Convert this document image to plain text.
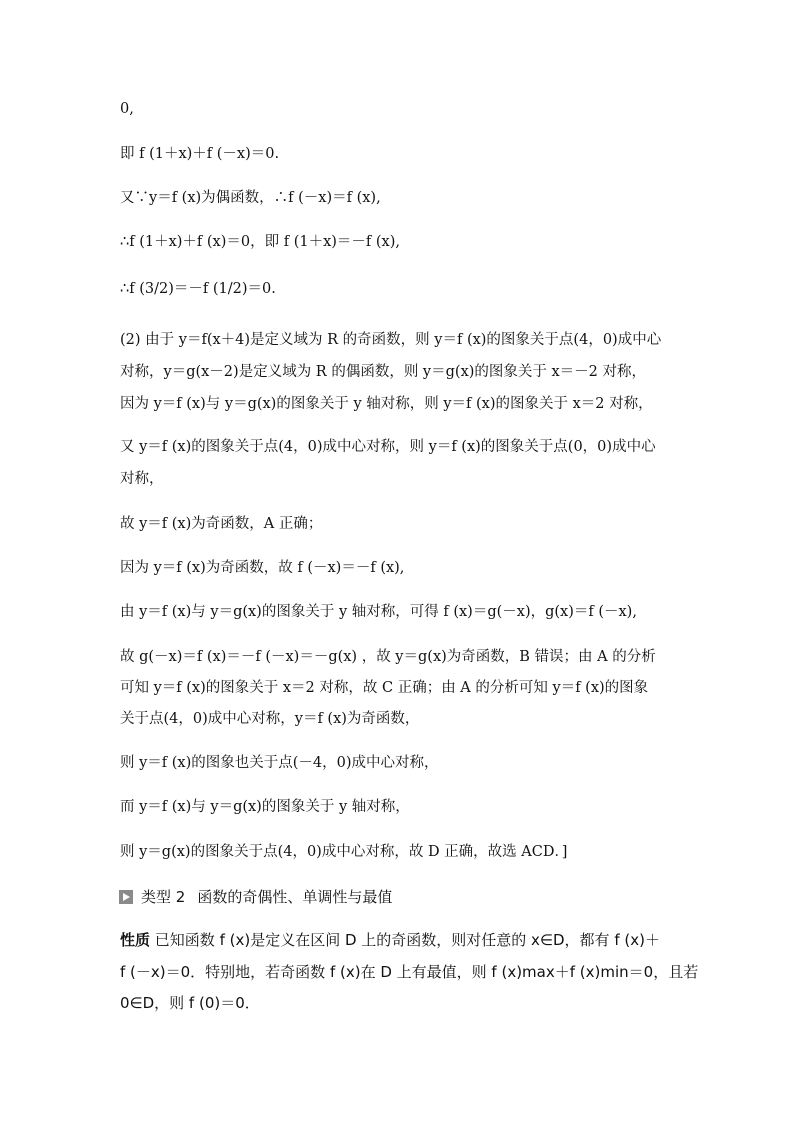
0,
即 f (1＋x)＋f (－x)＝0.
又∵y＝f (x)为偶函数，∴f (－x)＝f (x),
∴f (1＋x)＋f (x)＝0，即 f (1＋x)＝－f (x),
∴f (3/2)＝－f (1/2)＝0.
(2) 由于 y＝f(x＋4)是定义域为 R 的奇函数，则 y＝f (x)的图象关于点(4，0)成中心
对称，y＝g(x－2)是定义域为 R 的偶函数，则 y＝g(x)的图象关于 x＝－2 对称，
因为 y＝f (x)与 y＝g(x)的图象关于 y 轴对称，则 y＝f (x)的图象关于 x＝2 对称，
又 y＝f (x)的图象关于点(4，0)成中心对称，则 y＝f (x)的图象关于点(0，0)成中心
对称，
故 y＝f (x)为奇函数，A 正确；
因为 y＝f (x)为奇函数，故 f (－x)＝－f (x),
由 y＝f (x)与 y＝g(x)的图象关于 y 轴对称，可得 f (x)＝g(－x)，g(x)＝f (－x),
故 g(－x)＝f (x)＝－f (－x)＝－g(x) ，故 y＝g(x)为奇函数，B 错误；由 A 的分析
可知 y＝f (x)的图象关于 x＝2 对称，故 C 正确；由 A 的分析可知 y＝f (x)的图象
关于点(4，0)成中心对称，y＝f (x)为奇函数，
则 y＝f (x)的图象也关于点(－4，0)成中心对称，
而 y＝f (x)与 y＝g(x)的图象关于 y 轴对称，
则 y＝g(x)的图象关于点(4，0)成中心对称，故 D 正确，故选 ACD．]
类型 2 函数的奇偶性、单调性与最值
性质 已知函数 f (x)是定义在区间 D 上的奇函数，则对任意的 x∈D，都有 f (x)＋
f (－x)＝0．特别地，若奇函数 f (x)在 D 上有最值，则 f (x)max＋f (x)min＝0，且若
0∈D，则 f (0)＝0．
